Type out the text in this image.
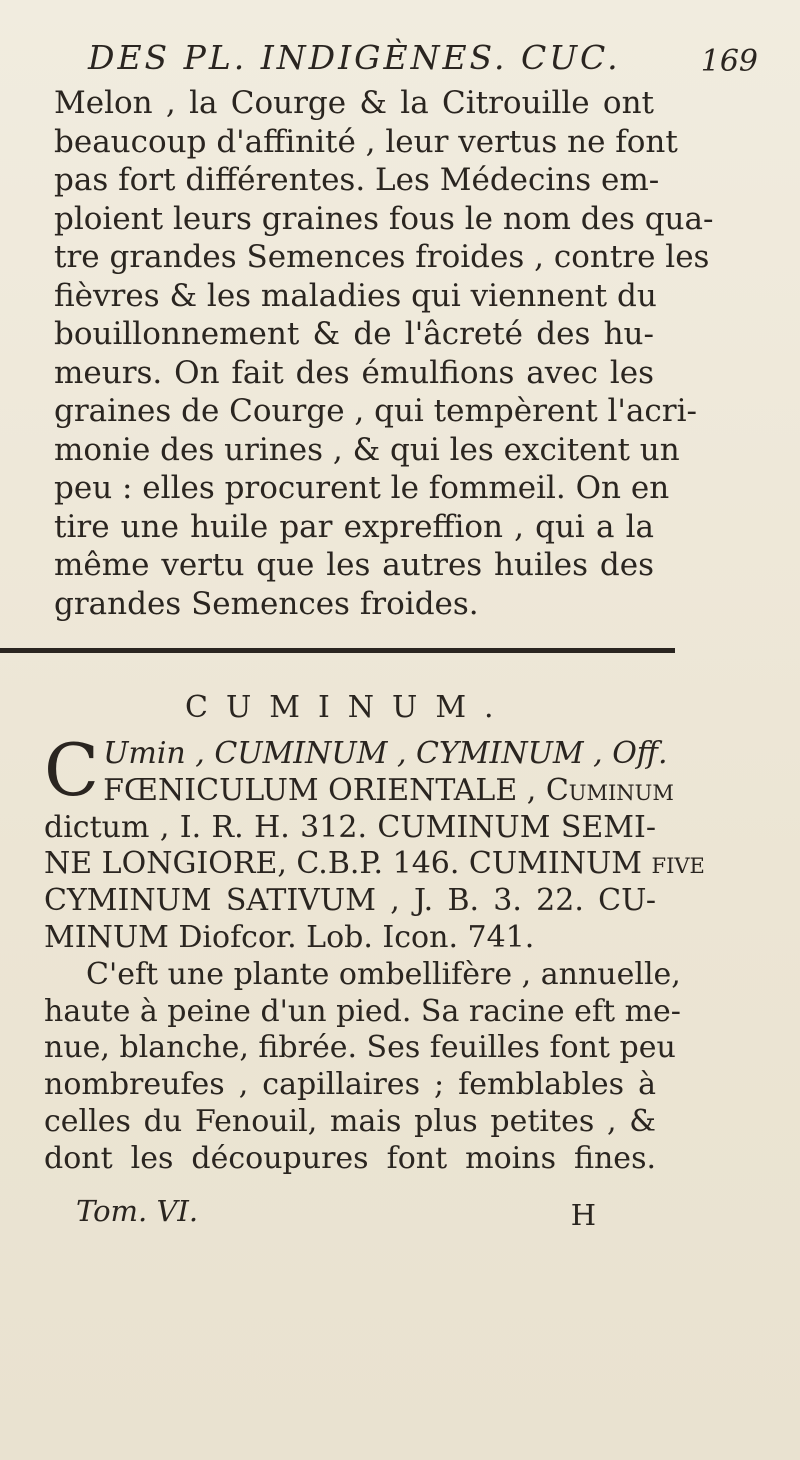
DES PL. INDIGÈNES. CUC.	169
Melon , la Courge & la Citrouille ont
beaucoup d'affinité , leur vertus ne font
pas fort différentes. Les Médecins em-
ploient leurs graines fous le nom des qua-
tre grandes Semences froides , contre les
fièvres & les maladies qui viennent du
bouillonnement & de l'âcreté des hu-
meurs. On fait des émulfions avec les
graines de Courge , qui tempèrent l'acri-
monie des urines , & qui les excitent un
peu : elles procurent le fommeil. On en
tire une huile par expreffion , qui a la
même vertu que les autres huiles des
grandes Semences froides.
CUMINUM.
C Umin , CUMINUM , CYMINUM , Off.
FŒNICULUM ORIENTALE , Cuminum
dictum , I. R. H. 312. CUMINUM SEMI-
NE LONGIORE, C.B.P. 146. CUMINUM five
CYMINUM SATIVUM , J. B. 3. 22. CU-
MINUM Diofcor. Lob. Icon. 741.
C'eft une plante ombellifère , annuelle,
haute à peine d'un pied. Sa racine eft me-
nue, blanche, fibrée. Ses feuilles font peu
nombreufes , capillaires ; femblables à
celles du Fenouil, mais plus petites , &
dont les découpures font moins fines.
Tom. VI.	H
